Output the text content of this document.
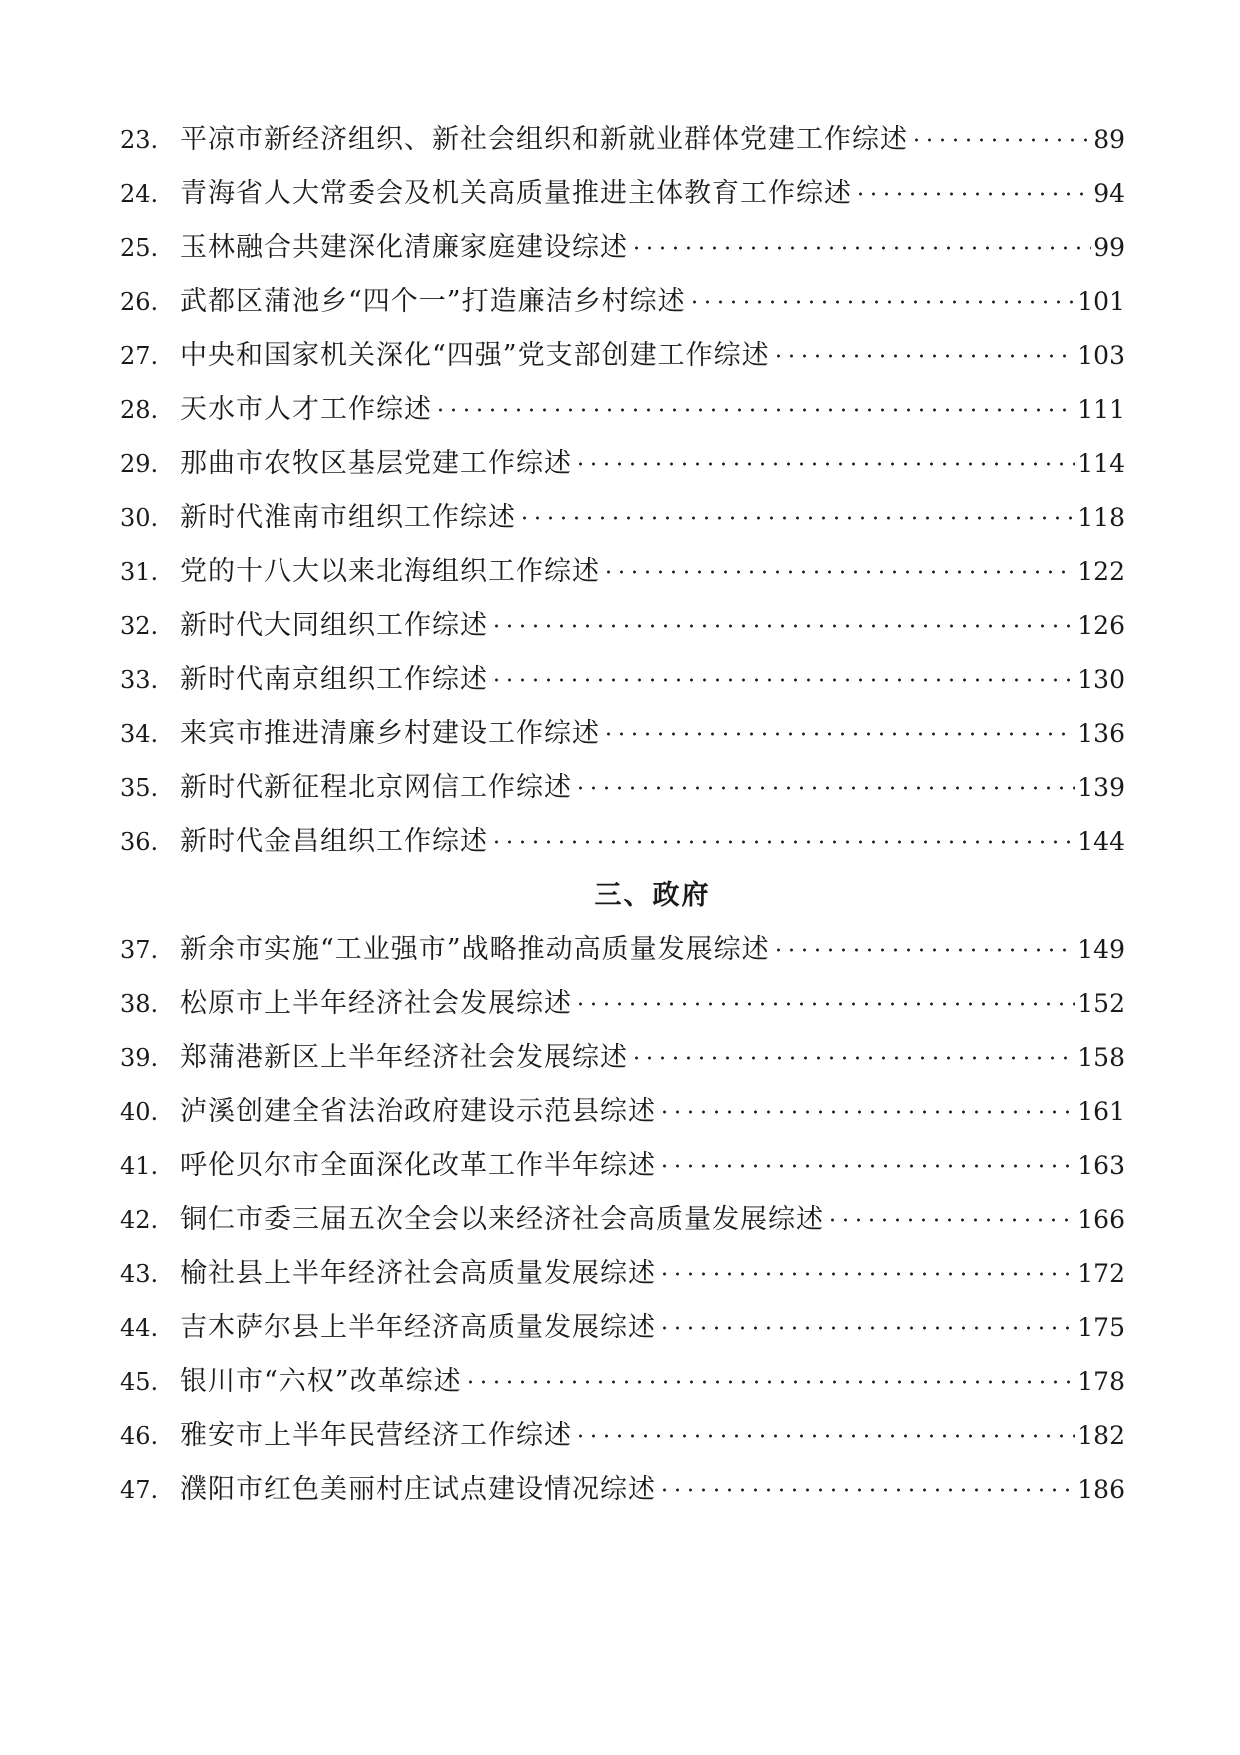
23. 平凉市新经济组织、新社会组织和新就业群体党建工作综述	89
24. 青海省人大常委会及机关高质量推进主体教育工作综述	94
25. 玉林融合共建深化清廉家庭建设综述	99
26. 武都区蒲池乡“四个一”打造廉洁乡村综述	101
27. 中央和国家机关深化“四强”党支部创建工作综述	103
28. 天水市人才工作综述	111
29. 那曲市农牧区基层党建工作综述	114
30. 新时代淮南市组织工作综述	118
31. 党的十八大以来北海组织工作综述	122
32. 新时代大同组织工作综述	126
33. 新时代南京组织工作综述	130
34. 来宾市推进清廉乡村建设工作综述	136
35. 新时代新征程北京网信工作综述	139
36. 新时代金昌组织工作综述	144
三、政府
37. 新余市实施“工业强市”战略推动高质量发展综述	149
38. 松原市上半年经济社会发展综述	152
39. 郑蒲港新区上半年经济社会发展综述	158
40. 泸溪创建全省法治政府建设示范县综述	161
41. 呼伦贝尔市全面深化改革工作半年综述	163
42. 铜仁市委三届五次全会以来经济社会高质量发展综述	166
43. 榆社县上半年经济社会高质量发展综述	172
44. 吉木萨尔县上半年经济高质量发展综述	175
45. 银川市“六权”改革综述	178
46. 雅安市上半年民营经济工作综述	182
47. 濮阳市红色美丽村庄试点建设情况综述	186
